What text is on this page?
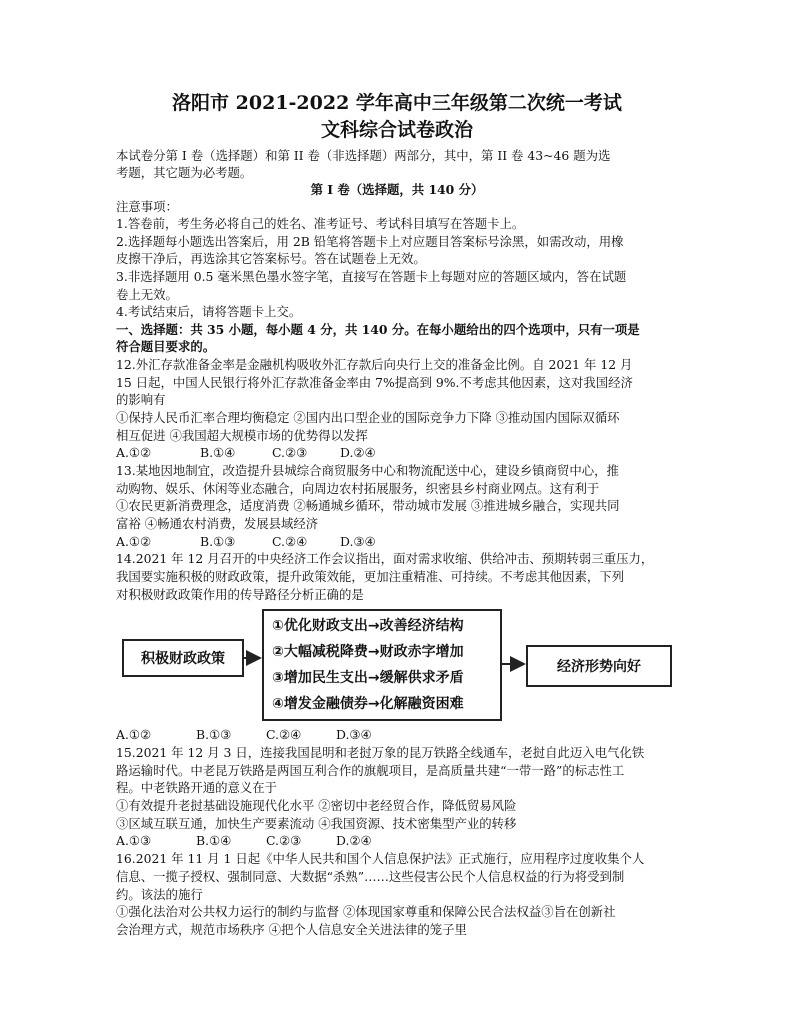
洛阳市 2021-2022 学年高中三年级第二次统一考试
文科综合试卷政治
本试卷分第 I 卷（选择题）和第 II 卷（非选择题）两部分，其中，第 II 卷 43~46 题为选
考题，其它题为必考题。
第 I 卷（选择题，共 140 分）
注意事项：
1.答卷前，考生务必将自己的姓名、准考证号、考试科目填写在答题卡上。
2.选择题每小题选出答案后，用 2B 铅笔将答题卡上对应题目答案标号涂黑，如需改动，用橡
皮擦干净后，再选涂其它答案标号。答在试题卷上无效。
3.非选择题用 0.5 毫米黑色墨水签字笔，直接写在答题卡上每题对应的答题区域内，答在试题
卷上无效。
4.考试结束后，请将答题卡上交。
一、选择题：共 35 小题，每小题 4 分，共 140 分。在每小题给出的四个选项中，只有一项是
符合题目要求的。
12.外汇存款准备金率是金融机构吸收外汇存款后向央行上交的准备金比例。自 2021 年 12 月
15 日起，中国人民银行将外汇存款准备金率由 7%提高到 9%.不考虑其他因素，这对我国经济
的影响有
①保持人民币汇率合理均衡稳定 ②国内出口型企业的国际竞争力下降 ③推动国内国际双循环
相互促进 ④我国超大规模市场的优势得以发挥
A.①②	B.①④	C.②③	D.②④
13.某地因地制宜，改造提升县城综合商贸服务中心和物流配送中心，建设乡镇商贸中心，推
动购物、娱乐、休闲等业态融合，向周边农村拓展服务，织密县乡村商业网点。这有利于
①农民更新消费理念，适度消费 ②畅通城乡循环，带动城市发展 ③推进城乡融合，实现共同
富裕 ④畅通农村消费，发展县域经济
A.①②	B.①③	C.②④	D.③④
14.2021 年 12 月召开的中央经济工作会议指出，面对需求收缩、供给冲击、预期转弱三重压力，
我国要实施积极的财政政策，提升政策效能，更加注重精准、可持续。不考虑其他因素，下列
对积极财政政策作用的传导路径分析正确的是
积极财政政策
①优化财政支出→改善经济结构
②大幅减税降费→财政赤字增加
③增加民生支出→缓解供求矛盾
④增发金融债券→化解融资困难
经济形势向好
A.①②	B.①③	C.②④	D.③④
15.2021 年 12 月 3 日，连接我国昆明和老挝万象的昆万铁路全线通车，老挝自此迈入电气化铁
路运输时代。中老昆万铁路是两国互利合作的旗舰项目，是高质量共建“一带一路”的标志性工
程。中老铁路开通的意义在于
①有效提升老挝基础设施现代化水平 ②密切中老经贸合作，降低贸易风险
③区域互联互通，加快生产要素流动 ④我国资源、技术密集型产业的转移
A.①③	B.①④	C.②③	D.②④
16.2021 年 11 月 1 日起《中华人民共和国个人信息保护法》正式施行，应用程序过度收集个人
信息、一揽子授权、强制同意、大数据“杀熟”……这些侵害公民个人信息权益的行为将受到制
约。该法的施行
①强化法治对公共权力运行的制约与监督 ②体现国家尊重和保障公民合法权益③旨在创新社
会治理方式，规范市场秩序 ④把个人信息安全关进法律的笼子里
